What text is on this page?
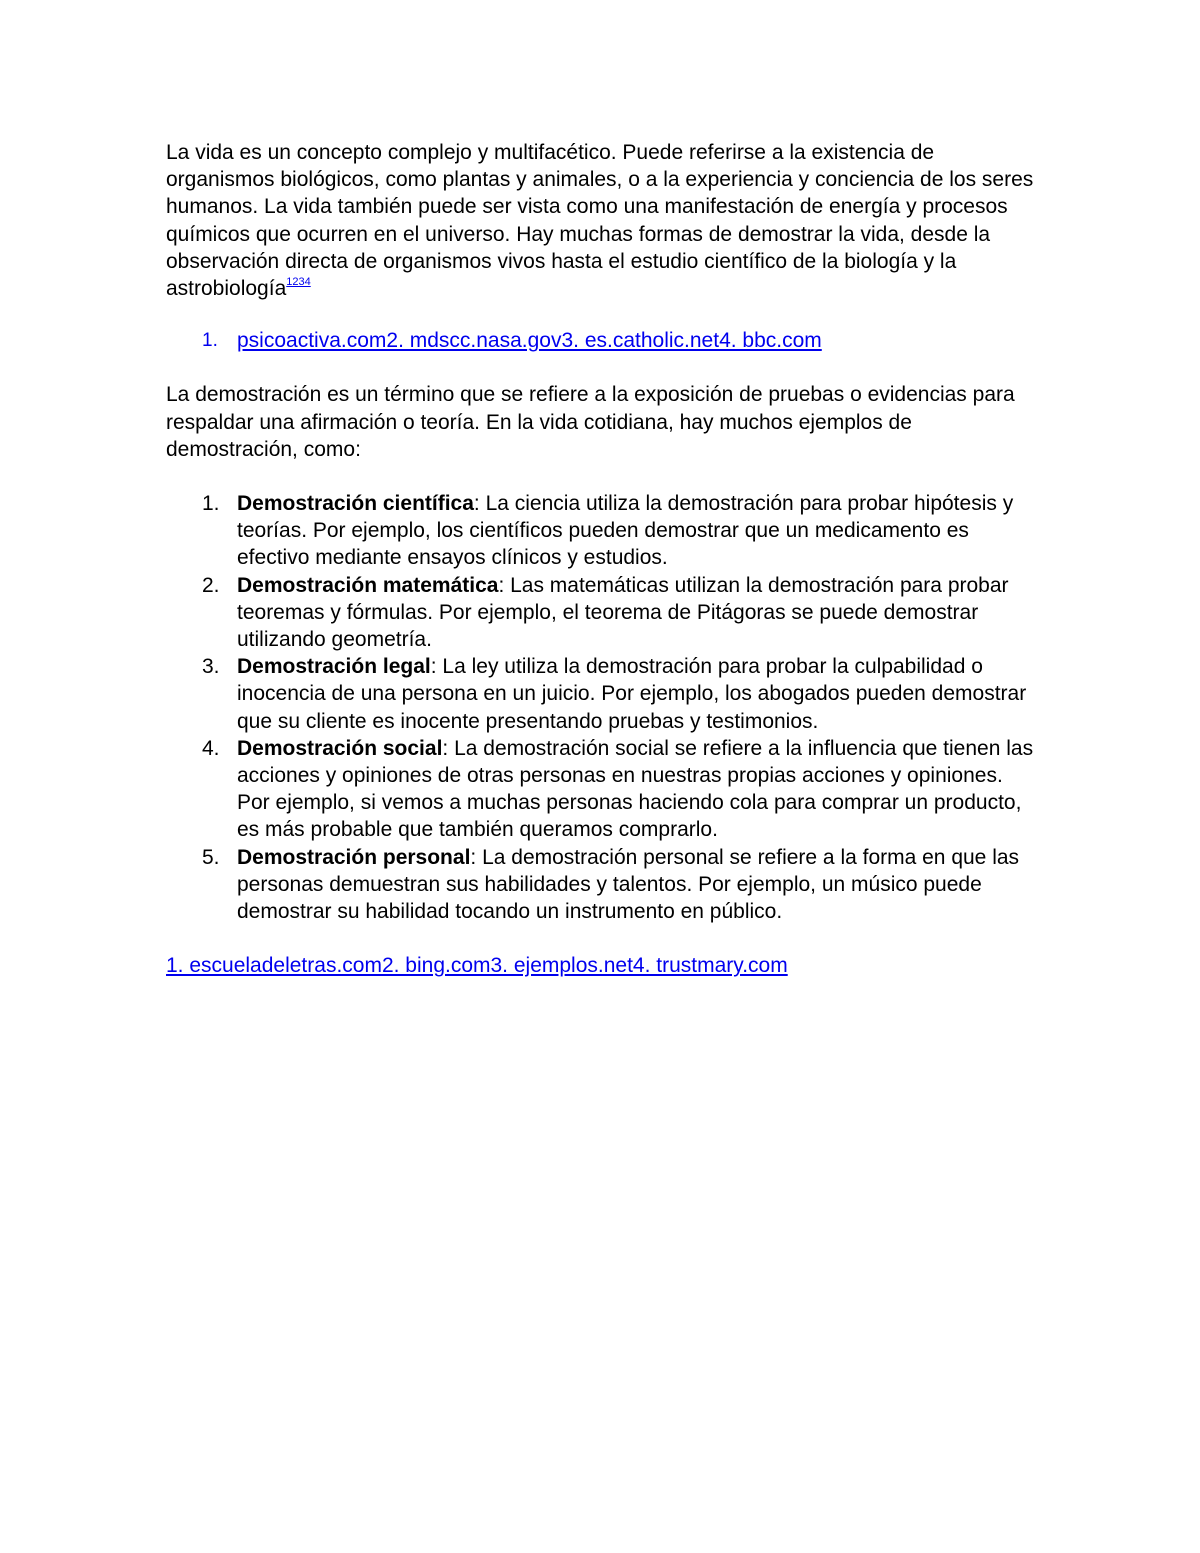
La vida es un concepto complejo y multifacético. Puede referirse a la existencia de organismos biológicos, como plantas y animales, o a la experiencia y conciencia de los seres humanos. La vida también puede ser vista como una manifestación de energía y procesos químicos que ocurren en el universo. Hay muchas formas de demostrar la vida, desde la observación directa de organismos vivos hasta el estudio científico de la biología y la astrobiología$^{1234}$

1. psicoactiva.com2. mdscc.nasa.gov3. es.catholic.net4. bbc.com

La demostración es un término que se refiere a la exposición de pruebas o evidencias para respaldar una afirmación o teoría. En la vida cotidiana, hay muchos ejemplos de demostración, como:

1. Demostración científica: La ciencia utiliza la demostración para probar hipótesis y teorías. Por ejemplo, los científicos pueden demostrar que un medicamento es efectivo mediante ensayos clínicos y estudios.
2. Demostración matemática: Las matemáticas utilizan la demostración para probar teoremas y fórmulas. Por ejemplo, el teorema de Pitágoras se puede demostrar utilizando geometría.
3. Demostración legal: La ley utiliza la demostración para probar la culpabilidad o inocencia de una persona en un juicio. Por ejemplo, los abogados pueden demostrar que su cliente es inocente presentando pruebas y testimonios.
4. Demostración social: La demostración social se refiere a la influencia que tienen las acciones y opiniones de otras personas en nuestras propias acciones y opiniones. Por ejemplo, si vemos a muchas personas haciendo cola para comprar un producto, es más probable que también queramos comprarlo.
5. Demostración personal: La demostración personal se refiere a la forma en que las personas demuestran sus habilidades y talentos. Por ejemplo, un músico puede demostrar su habilidad tocando un instrumento en público.

1. escueladeletras.com2. bing.com3. ejemplos.net4. trustmary.com
